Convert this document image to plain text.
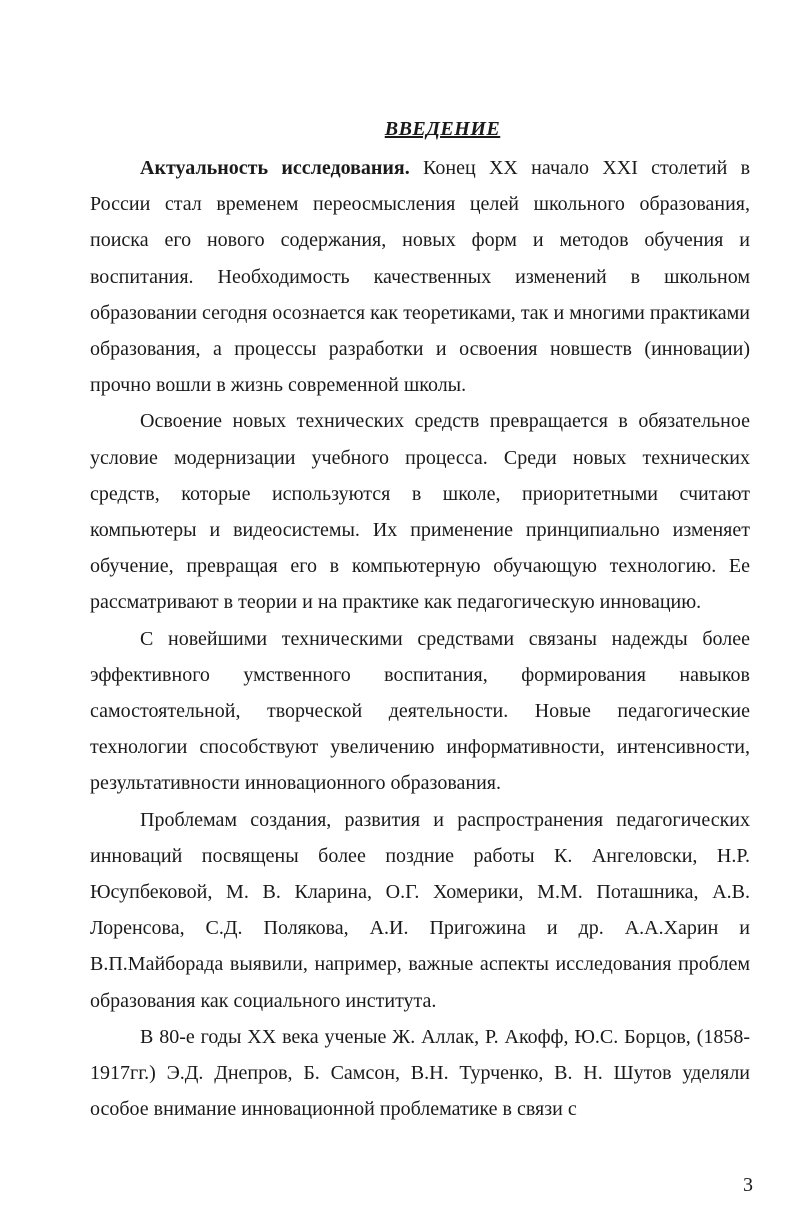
ВВЕДЕНИЕ

Актуальность исследования. Конец XX начало XXI столетий в России стал временем переосмысления целей школьного образования, поиска его нового содержания, новых форм и методов обучения и воспитания. Необходимость качественных изменений в школьном образовании сегодня осознается как теоретиками, так и многими практиками образования, а процессы разработки и освоения новшеств (инновации) прочно вошли в жизнь современной школы.

Освоение новых технических средств превращается в обязательное условие модернизации учебного процесса. Среди новых технических средств, которые используются в школе, приоритетными считают компьютеры и видеосистемы. Их применение принципиально изменяет обучение, превращая его в компьютерную обучающую технологию. Ее рассматривают в теории и на практике как педагогическую инновацию.

С новейшими техническими средствами связаны надежды более эффективного умственного воспитания, формирования навыков самостоятельной, творческой деятельности. Новые педагогические технологии способствуют увеличению информативности, интенсивности, результативности инновационного образования.

Проблемам создания, развития и распространения педагогических инноваций посвящены более поздние работы К. Ангеловски, Н.Р. Юсупбековой, М. В. Кларина, О.Г. Хомерики, М.М. Поташника, А.В. Лоренсова, С.Д. Полякова, А.И. Пригожина и др. А.А.Харин и В.П.Майборада выявили, например, важные аспекты исследования проблем образования как социального института.

В 80-е годы XX века ученые Ж. Аллак, Р. Акофф, Ю.С. Борцов, (1858-1917гг.) Э.Д. Днепров, Б. Самсон, В.Н. Турченко, В. Н. Шутов уделяли особое внимание инновационной проблематике в связи с

3
